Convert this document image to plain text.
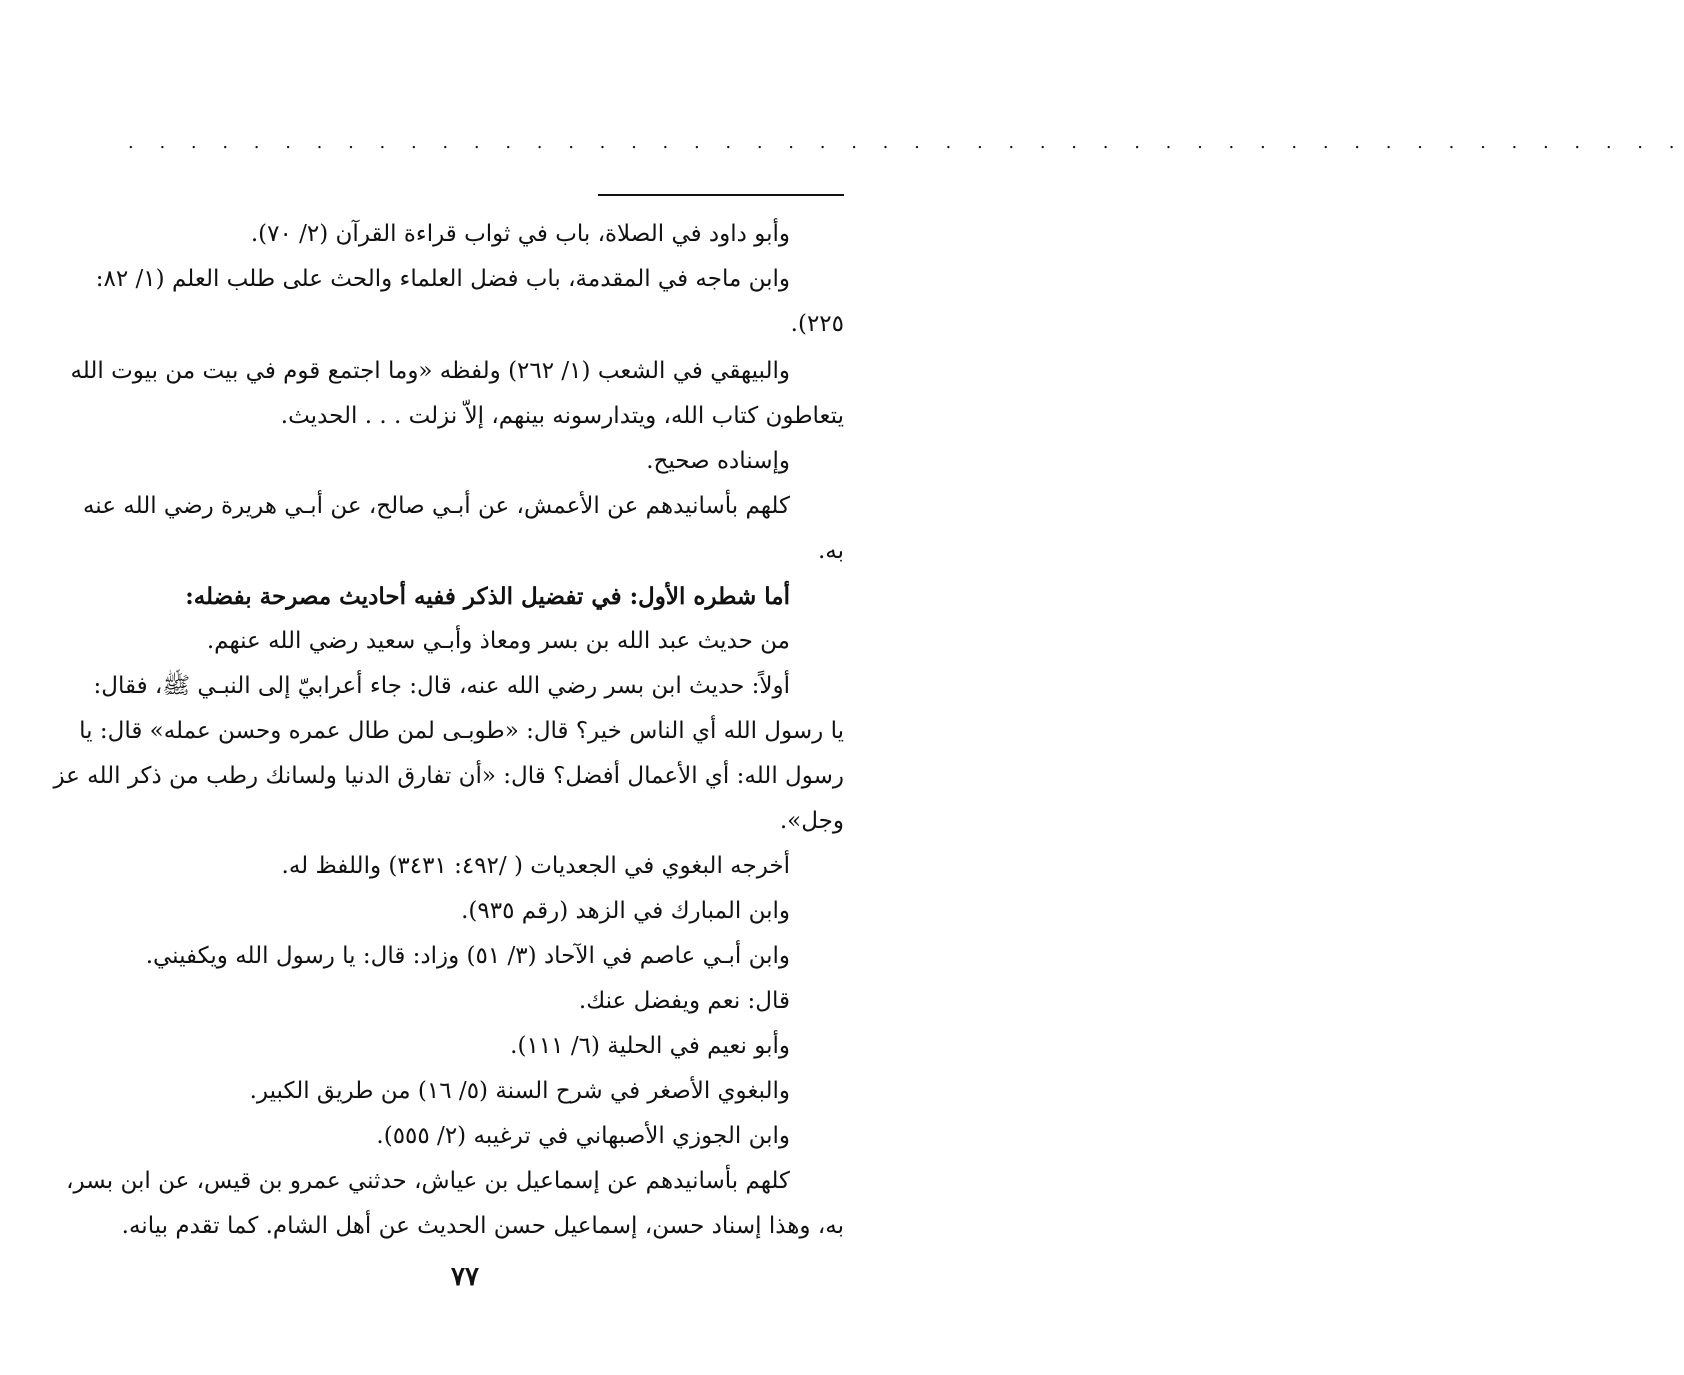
. . . . . . . . . . . . . . . . . . . . . . . . . . . . . . . . . . . . . . . . . . . . . . . . . .
وأبو داود في الصلاة، باب في ثواب قراءة القرآن (٢/ ٧٠).
وابن ماجه في المقدمة، باب فضل العلماء والحث على طلب العلم (١/ ٨٢:
٢٢٥).
والبيهقي في الشعب (١/ ٢٦٢) ولفظه «وما اجتمع قوم في بيت من بيوت الله
يتعاطون كتاب الله، ويتدارسونه بينهم، إلاّ نزلت . . . الحديث.
وإسناده صحيح.
كلهم بأسانيدهم عن الأعمش، عن أبـي صالح، عن أبـي هريرة رضي الله عنه
به.
أما شطره الأول: في تفضيل الذكر ففيه أحاديث مصرحة بفضله:
من حديث عبد الله بن بسر ومعاذ وأبـي سعيد رضي الله عنهم.
أولاً: حديث ابن بسر رضي الله عنه، قال: جاء أعرابيّ إلى النبـي ﷺ، فقال:
يا رسول الله أي الناس خير؟ قال: «طوبـى لمن طال عمره وحسن عمله» قال: يا
رسول الله: أي الأعمال أفضل؟ قال: «أن تفارق الدنيا ولسانك رطب من ذكر الله عز
وجل».
أخرجه البغوي في الجعديات ( /٤٩٢: ٣٤٣١) واللفظ له.
وابن المبارك في الزهد (رقم ٩٣٥).
وابن أبـي عاصم في الآحاد (٣/ ٥١) وزاد: قال: يا رسول الله ويكفيني.
قال: نعم ويفضل عنك.
وأبو نعيم في الحلية (٦/ ١١١).
والبغوي الأصغر في شرح السنة (٥/ ١٦) من طريق الكبير.
وابن الجوزي الأصبهاني في ترغيبه (٢/ ٥٥٥).
كلهم بأسانيدهم عن إسماعيل بن عياش، حدثني عمرو بن قيس، عن ابن بسر،
به، وهذا إسناد حسن، إسماعيل حسن الحديث عن أهل الشام. كما تقدم بيانه.
٧٧
